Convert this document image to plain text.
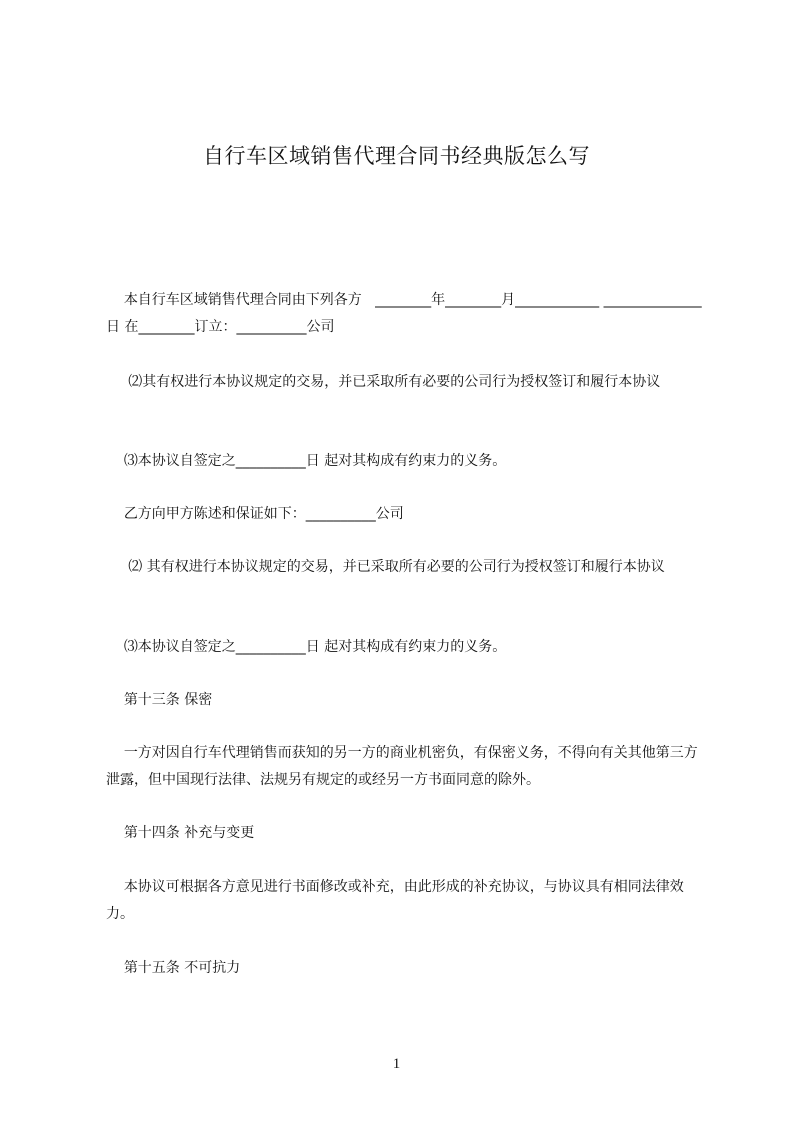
自行车区域销售代理合同书经典版怎么写
本自行车区域销售代理合同由下列各方   ________年________月____________ ______________日 在________订立：__________公司
⑵其有权进行本协议规定的交易，并已采取所有必要的公司行为授权签订和履行本协议
⑶本协议自签定之__________日 起对其构成有约束力的义务。
乙方向甲方陈述和保证如下：__________公司
⑵ 其有权进行本协议规定的交易，并已采取所有必要的公司行为授权签订和履行本协议
⑶本协议自签定之__________日 起对其构成有约束力的义务。
第十三条 保密
一方对因自行车代理销售而获知的另一方的商业机密负，有保密义务，不得向有关其他第三方泄露，但中国现行法律、法规另有规定的或经另一方书面同意的除外。
第十四条 补充与变更
本协议可根据各方意见进行书面修改或补充，由此形成的补充协议，与协议具有相同法律效力。
第十五条 不可抗力
1
